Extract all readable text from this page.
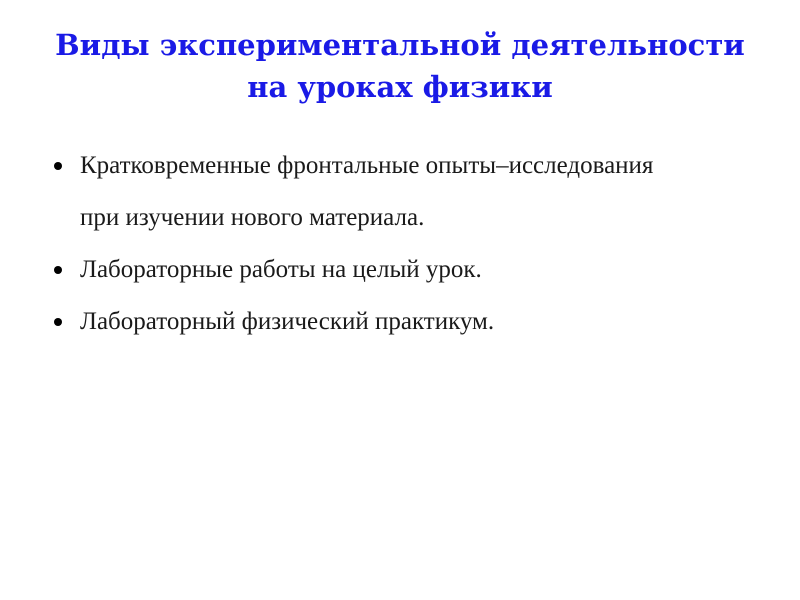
Виды экспериментальной деятельности
на уроках физики
Кратковременные фронтальные опыты–исследования
при изучении нового материала.
Лабораторные работы на целый урок.
Лабораторный физический практикум.
